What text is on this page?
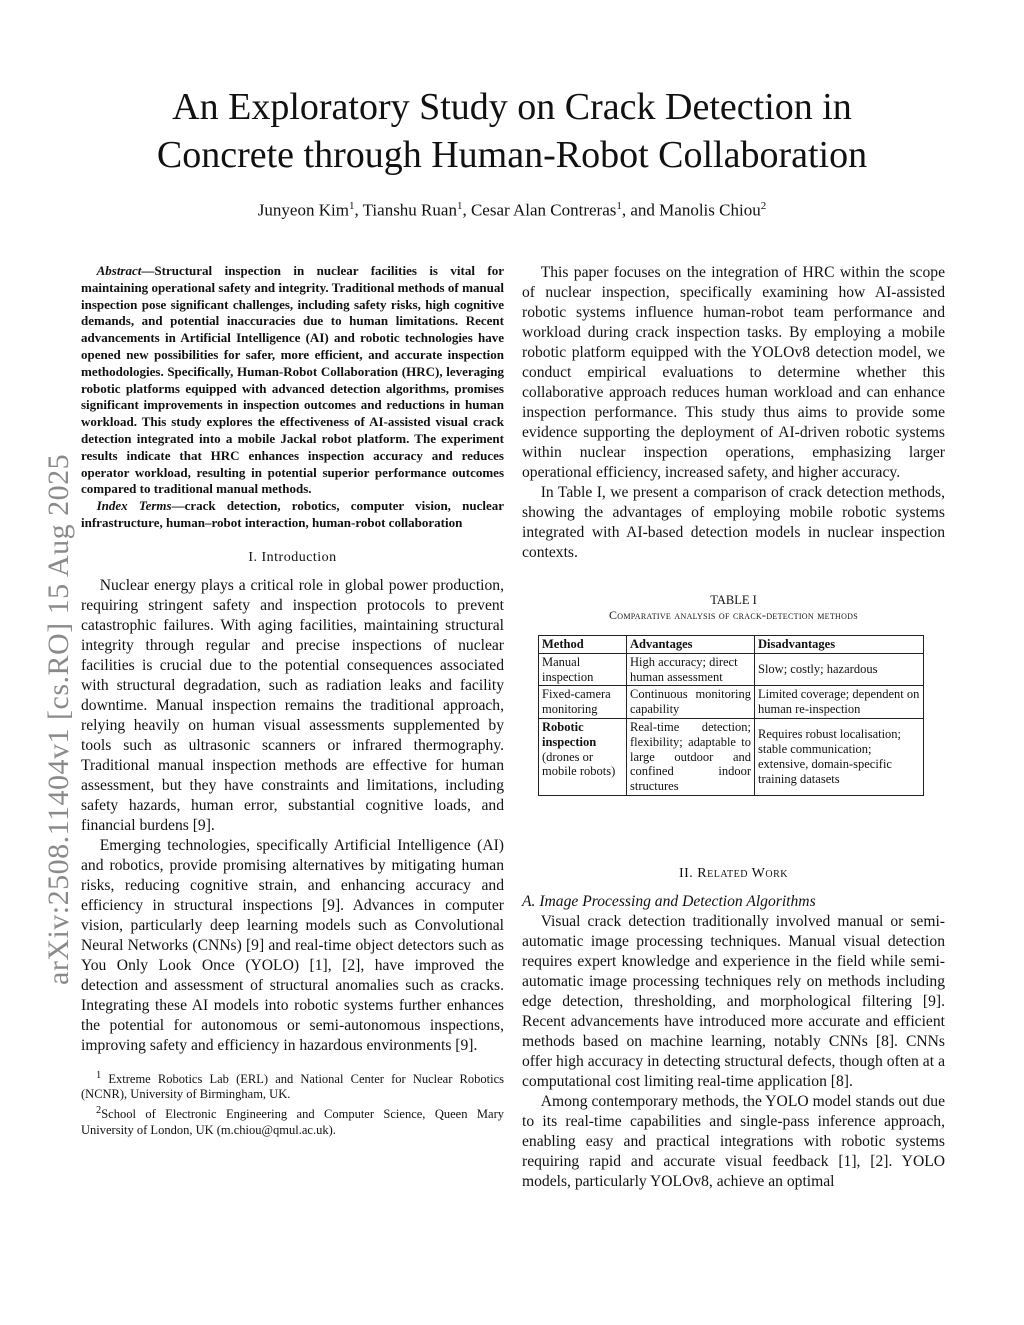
arXiv:2508.11404v1 [cs.RO] 15 Aug 2025
An Exploratory Study on Crack Detection in
Concrete through Human-Robot Collaboration
Junyeon Kim$^1$, Tianshu Ruan$^1$, Cesar Alan Contreras$^1$, and Manolis Chiou$^2$

Abstract—Structural inspection in nuclear facilities is vital for maintaining operational safety and integrity. Traditional methods of manual inspection pose significant challenges, including safety risks, high cognitive demands, and potential inaccuracies due to human limitations. Recent advancements in Artificial Intelligence (AI) and robotic technologies have opened new possibilities for safer, more efficient, and accurate inspection methodologies. Specifically, Human-Robot Collaboration (HRC), leveraging robotic platforms equipped with advanced detection algorithms, promises significant improvements in inspection outcomes and reductions in human workload. This study explores the effectiveness of AI-assisted visual crack detection integrated into a mobile Jackal robot platform. The experiment results indicate that HRC enhances inspection accuracy and reduces operator workload, resulting in potential superior performance outcomes compared to traditional manual methods.

Index Terms—crack detection, robotics, computer vision, nuclear infrastructure, human–robot interaction, human-robot collaboration

I. Introduction

Nuclear energy plays a critical role in global power production, requiring stringent safety and inspection protocols to prevent catastrophic failures. With aging facilities, maintaining structural integrity through regular and precise inspections of nuclear facilities is crucial due to the potential consequences associated with structural degradation, such as radiation leaks and facility downtime. Manual inspection remains the traditional approach, relying heavily on human visual assessments supplemented by tools such as ultrasonic scanners or infrared thermography. Traditional manual inspection methods are effective for human assessment, but they have constraints and limitations, including safety hazards, human error, substantial cognitive loads, and financial burdens [9].

Emerging technologies, specifically Artificial Intelligence (AI) and robotics, provide promising alternatives by mitigating human risks, reducing cognitive strain, and enhancing accuracy and efficiency in structural inspections [9]. Advances in computer vision, particularly deep learning models such as Convolutional Neural Networks (CNNs) [9] and real-time object detectors such as You Only Look Once (YOLO) [1], [2], have improved the detection and assessment of structural anomalies such as cracks. Integrating these AI models into robotic systems further enhances the potential for autonomous or semi-autonomous inspections, improving safety and efficiency in hazardous environments [9].

$^1$ Extreme Robotics Lab (ERL) and National Center for Nuclear Robotics (NCNR), University of Birmingham, UK.

$^2$School of Electronic Engineering and Computer Science, Queen Mary University of London, UK (m.chiou@qmul.ac.uk).

This paper focuses on the integration of HRC within the scope of nuclear inspection, specifically examining how AI-assisted robotic systems influence human-robot team performance and workload during crack inspection tasks. By employing a mobile robotic platform equipped with the YOLOv8 detection model, we conduct empirical evaluations to determine whether this collaborative approach reduces human workload and can enhance inspection performance. This study thus aims to provide some evidence supporting the deployment of AI-driven robotic systems within nuclear inspection operations, emphasizing larger operational efficiency, increased safety, and higher accuracy.

In Table I, we present a comparison of crack detection methods, showing the advantages of employing mobile robotic systems integrated with AI-based detection models in nuclear inspection contexts.

TABLE I
Comparative analysis of crack-detection methods
Method	Advantages	Disadvantages
Manual inspection	High accuracy; direct human assessment	Slow; costly; hazardous
Fixed-camera monitoring	Continuous monitoring capability	Limited coverage; dependent on human re-inspection
Robotic inspection
(drones or mobile robots)	Real-time detection; flexibility; adaptable to large outdoor and confined indoor structures	Requires robust localisation; stable communication; extensive, domain-specific training datasets
II. Related Work

A. Image Processing and Detection Algorithms

Visual crack detection traditionally involved manual or semi-automatic image processing techniques. Manual visual detection requires expert knowledge and experience in the field while semi-automatic image processing techniques rely on methods including edge detection, thresholding, and morphological filtering [9]. Recent advancements have introduced more accurate and efficient methods based on machine learning, notably CNNs [8]. CNNs offer high accuracy in detecting structural defects, though often at a computational cost limiting real-time application [8].

Among contemporary methods, the YOLO model stands out due to its real-time capabilities and single-pass inference approach, enabling easy and practical integrations with robotic systems requiring rapid and accurate visual feedback [1], [2]. YOLO models, particularly YOLOv8, achieve an optimal
